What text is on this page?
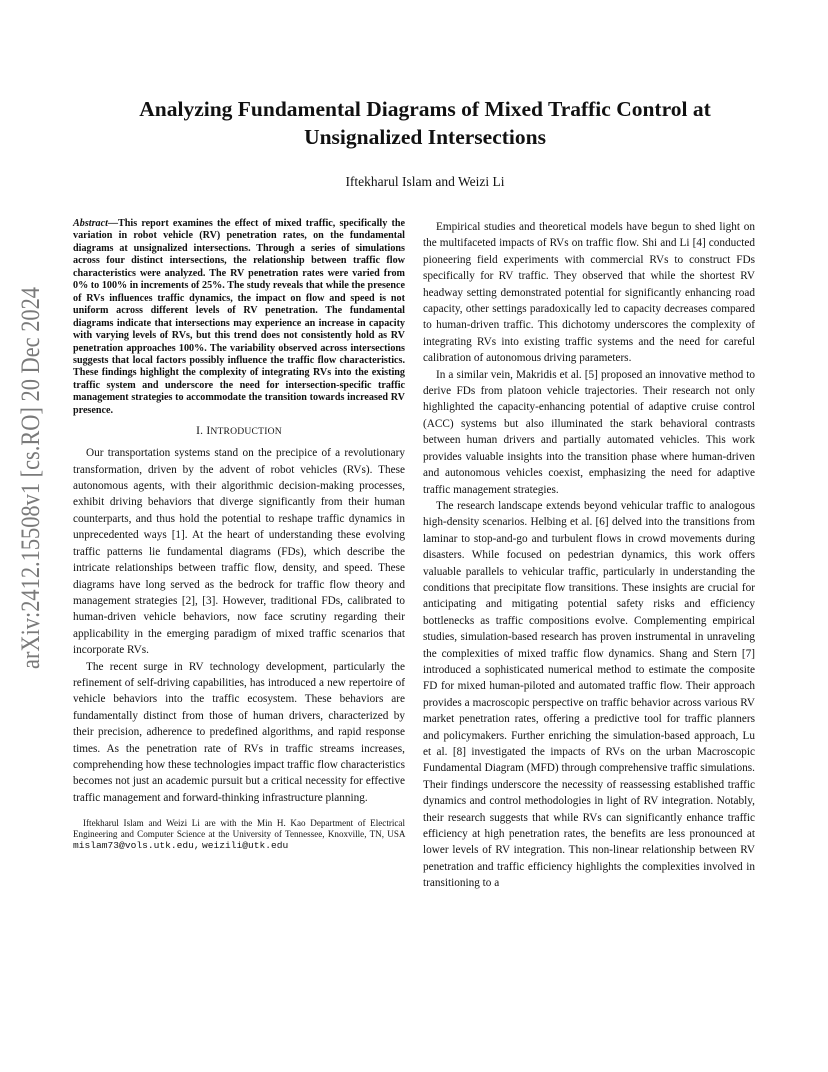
arXiv:2412.15508v1 [cs.RO] 20 Dec 2024
Analyzing Fundamental Diagrams of Mixed Traffic Control at
Unsignalized Intersections
Iftekharul Islam and Weizi Li

Abstract—This report examines the effect of mixed traffic, specifically the variation in robot vehicle (RV) penetration rates, on the fundamental diagrams at unsignalized intersections. Through a series of simulations across four distinct intersections, the relationship between traffic flow characteristics were analyzed. The RV penetration rates were varied from 0% to 100% in increments of 25%. The study reveals that while the presence of RVs influences traffic dynamics, the impact on flow and speed is not uniform across different levels of RV penetration. The fundamental diagrams indicate that intersections may experience an increase in capacity with varying levels of RVs, but this trend does not consistently hold as RV penetration approaches 100%. The variability observed across intersections suggests that local factors possibly influence the traffic flow characteristics. These findings highlight the complexity of integrating RVs into the existing traffic system and underscore the need for intersection-specific traffic management strategies to accommodate the transition towards increased RV presence.

I. INTRODUCTION

Our transportation systems stand on the precipice of a revolutionary transformation, driven by the advent of robot vehicles (RVs). These autonomous agents, with their algorithmic decision-making processes, exhibit driving behaviors that diverge significantly from their human counterparts, and thus hold the potential to reshape traffic dynamics in unprecedented ways [1]. At the heart of understanding these evolving traffic patterns lie fundamental diagrams (FDs), which describe the intricate relationships between traffic flow, density, and speed. These diagrams have long served as the bedrock for traffic flow theory and management strategies [2], [3]. However, traditional FDs, calibrated to human-driven vehicle behaviors, now face scrutiny regarding their applicability in the emerging paradigm of mixed traffic scenarios that incorporate RVs.

The recent surge in RV technology development, particularly the refinement of self-driving capabilities, has introduced a new repertoire of vehicle behaviors into the traffic ecosystem. These behaviors are fundamentally distinct from those of human drivers, characterized by their precision, adherence to predefined algorithms, and rapid response times. As the penetration rate of RVs in traffic streams increases, comprehending how these technologies impact traffic flow characteristics becomes not just an academic pursuit but a critical necessity for effective traffic management and forward-thinking infrastructure planning.

Iftekharul Islam and Weizi Li are with the Min H. Kao Department of Electrical Engineering and Computer Science at the University of Tennessee, Knoxville, TN, USA mislam73@vols.utk.edu, weizili@utk.edu

Empirical studies and theoretical models have begun to shed light on the multifaceted impacts of RVs on traffic flow. Shi and Li [4] conducted pioneering field experiments with commercial RVs to construct FDs specifically for RV traffic. They observed that while the shortest RV headway setting demonstrated potential for significantly enhancing road capacity, other settings paradoxically led to capacity decreases compared to human-driven traffic. This dichotomy underscores the complexity of integrating RVs into existing traffic systems and the need for careful calibration of autonomous driving parameters.

In a similar vein, Makridis et al. [5] proposed an innovative method to derive FDs from platoon vehicle trajectories. Their research not only highlighted the capacity-enhancing potential of adaptive cruise control (ACC) systems but also illuminated the stark behavioral contrasts between human drivers and partially automated vehicles. This work provides valuable insights into the transition phase where human-driven and autonomous vehicles coexist, emphasizing the need for adaptive traffic management strategies.

The research landscape extends beyond vehicular traffic to analogous high-density scenarios. Helbing et al. [6] delved into the transitions from laminar to stop-and-go and turbulent flows in crowd movements during disasters. While focused on pedestrian dynamics, this work offers valuable parallels to vehicular traffic, particularly in understanding the conditions that precipitate flow transitions. These insights are crucial for anticipating and mitigating potential safety risks and efficiency bottlenecks as traffic compositions evolve. Complementing empirical studies, simulation-based research has proven instrumental in unraveling the complexities of mixed traffic flow dynamics. Shang and Stern [7] introduced a sophisticated numerical method to estimate the composite FD for mixed human-piloted and automated traffic flow. Their approach provides a macroscopic perspective on traffic behavior across various RV market penetration rates, offering a predictive tool for traffic planners and policymakers. Further enriching the simulation-based approach, Lu et al. [8] investigated the impacts of RVs on the urban Macroscopic Fundamental Diagram (MFD) through comprehensive traffic simulations. Their findings underscore the necessity of reassessing established traffic dynamics and control methodologies in light of RV integration. Notably, their research suggests that while RVs can significantly enhance traffic efficiency at high penetration rates, the benefits are less pronounced at lower levels of RV integration. This non-linear relationship between RV penetration and traffic efficiency highlights the complexities involved in transitioning to a
